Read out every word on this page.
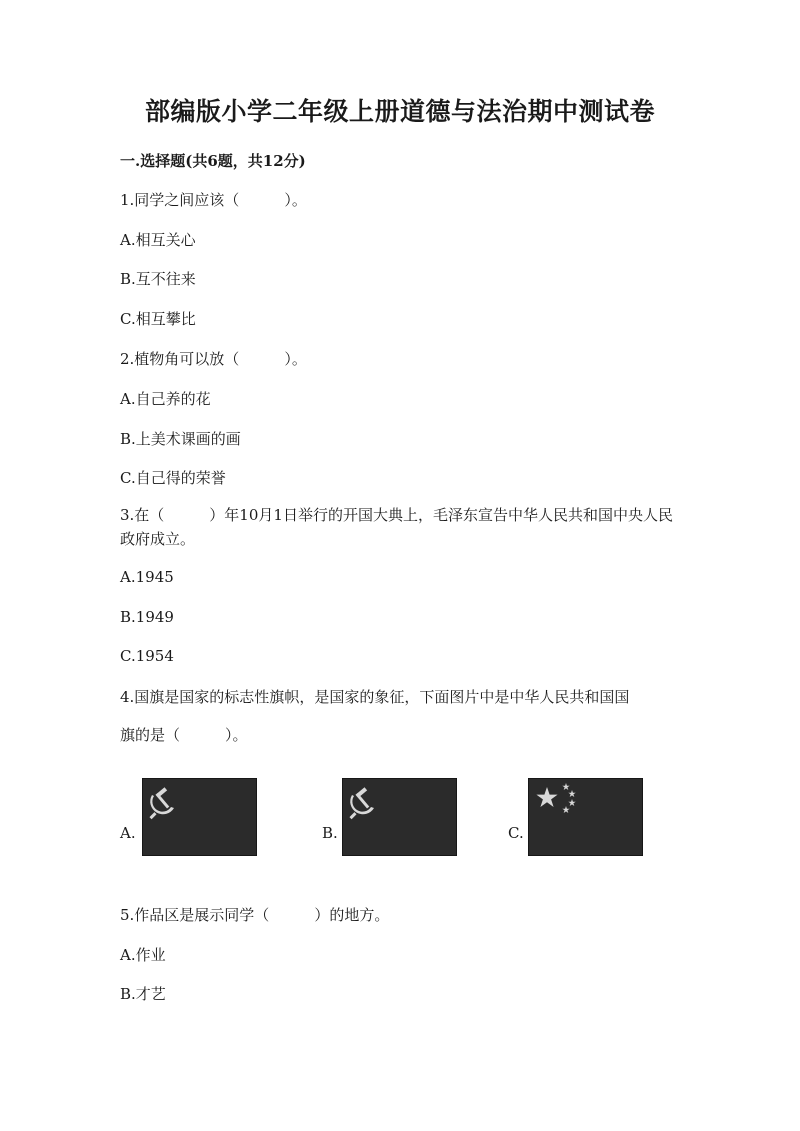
部编版小学二年级上册道德与法治期中测试卷
一.选择题(共6题，共12分)
1.同学之间应该（　　　）。
A.相互关心
B.互不往来
C.相互攀比
2.植物角可以放（　　　）。
A.自己养的花
B.上美术课画的画
C.自己得的荣誉
3.在（　　　）年10月1日举行的开国大典上，毛泽东宣告中华人民共和国中央人民政府成立。
A.1945
B.1949
C.1954
4.国旗是国家的标志性旗帜，是国家的象征，下面图片中是中华人民共和国国
旗的是（　　　）。
A.	B.	C.
5.作品区是展示同学（　　　）的地方。
A.作业
B.才艺
